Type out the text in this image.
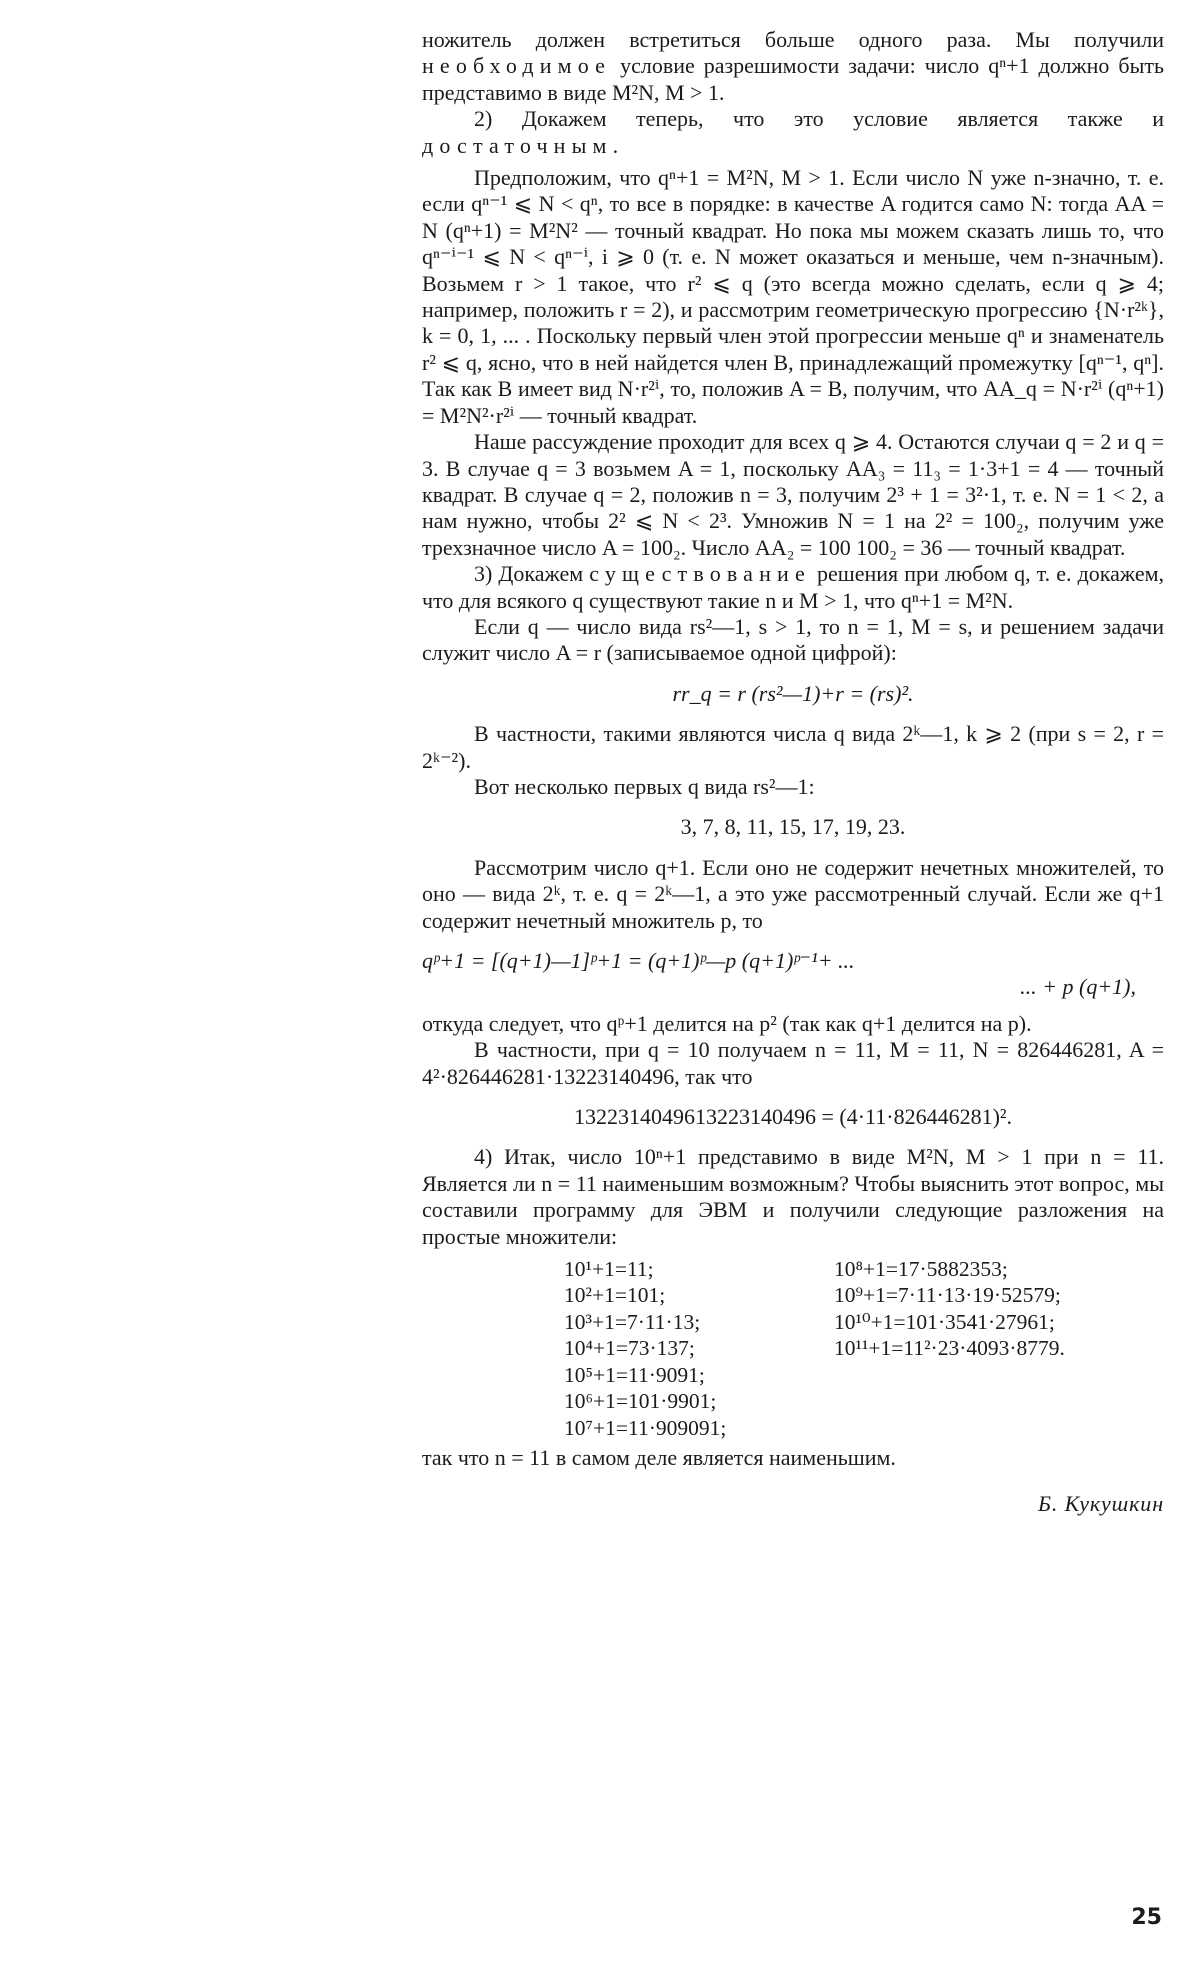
ножитель должен встретиться больше одного раза. Мы получили необходимое условие разрешимости задачи: число qⁿ+1 должно быть представимо в виде M²N, M > 1.

2) Докажем теперь, что это условие является также и достаточным.

Предположим, что qⁿ+1 = M²N, M > 1. Если число N уже n-значно, т. е. если qⁿ⁻¹ ⩽ N < qⁿ, то все в порядке: в качестве A годится само N: тогда AA = N (qⁿ+1) = M²N² — точный квадрат. Но пока мы можем сказать лишь то, что qⁿ⁻ⁱ⁻¹ ⩽ N < qⁿ⁻ⁱ, i ⩾ 0 (т. е. N может оказаться и меньше, чем n-значным). Возьмем r > 1 такое, что r² ⩽ q (это всегда можно сделать, если q ⩾ 4; например, положить r = 2), и рассмотрим геометрическую прогрессию {N·r²ᵏ}, k = 0, 1, ... . Поскольку первый член этой прогрессии меньше qⁿ и знаменатель r² ⩽ q, ясно, что в ней найдется член B, принадлежащий промежутку [qⁿ⁻¹, qⁿ]. Так как B имеет вид N·r²ⁱ, то, положив A = B, получим, что AA_q = N·r²ⁱ (qⁿ+1) = M²N²·r²ⁱ — точный квадрат.

Наше рассуждение проходит для всех q ⩾ 4. Остаются случаи q = 2 и q = 3. В случае q = 3 возьмем A = 1, поскольку AA₃ = 11₃ = 1·3+1 = 4 — точный квадрат. В случае q = 2, положив n = 3, получим 2³ + 1 = 3²·1, т. е. N = 1 < 2, а нам нужно, чтобы 2² ⩽ N < 2³. Умножив N = 1 на 2² = 100₂, получим уже трехзначное число A = 100₂. Число AA₂ = 100 100₂ = 36 — точный квадрат.

3) Докажем существование решения при любом q, т. е. докажем, что для всякого q существуют такие n и M > 1, что qⁿ+1 = M²N.

Если q — число вида rs²—1, s > 1, то n = 1, M = s, и решением задачи служит число A = r (записываемое одной цифрой):

rr_q = r (rs²—1)+r = (rs)².

В частности, такими являются числа q вида 2ᵏ—1, k ⩾ 2 (при s = 2, r = 2ᵏ⁻²).

Вот несколько первых q вида rs²—1:

3, 7, 8, 11, 15, 17, 19, 23.

Рассмотрим число q+1. Если оно не содержит нечетных множителей, то оно — вида 2ᵏ, т. е. q = 2ᵏ—1, а это уже рассмотренный случай. Если же q+1 содержит нечетный множитель p, то

qᵖ+1 = [(q+1)—1]ᵖ+1 = (q+1)ᵖ—p (q+1)ᵖ⁻¹+ ...
... + p (q+1),

откуда следует, что qᵖ+1 делится на p² (так как q+1 делится на p).

В частности, при q = 10 получаем n = 11, M = 11, N = 826446281, A = 4²·826446281·13223140496, так что

1322314049613223140496 = (4·11·826446281)².

4) Итак, число 10ⁿ+1 представимо в виде M²N, M > 1 при n = 11. Является ли n = 11 наименьшим возможным? Чтобы выяснить этот вопрос, мы составили программу для ЭВМ и получили следующие разложения на простые множители:

10¹+1=11;
10²+1=101;
10³+1=7·11·13;
10⁴+1=73·137;
10⁵+1=11·9091;
10⁶+1=101·9901;
10⁷+1=11·909091;
10⁸+1=17·5882353;
10⁹+1=7·11·13·19·52579;
10¹⁰+1=101·3541·27961;
10¹¹+1=11²·23·4093·8779.

так что n = 11 в самом деле является наименьшим.

Б. Кукушкин

25
